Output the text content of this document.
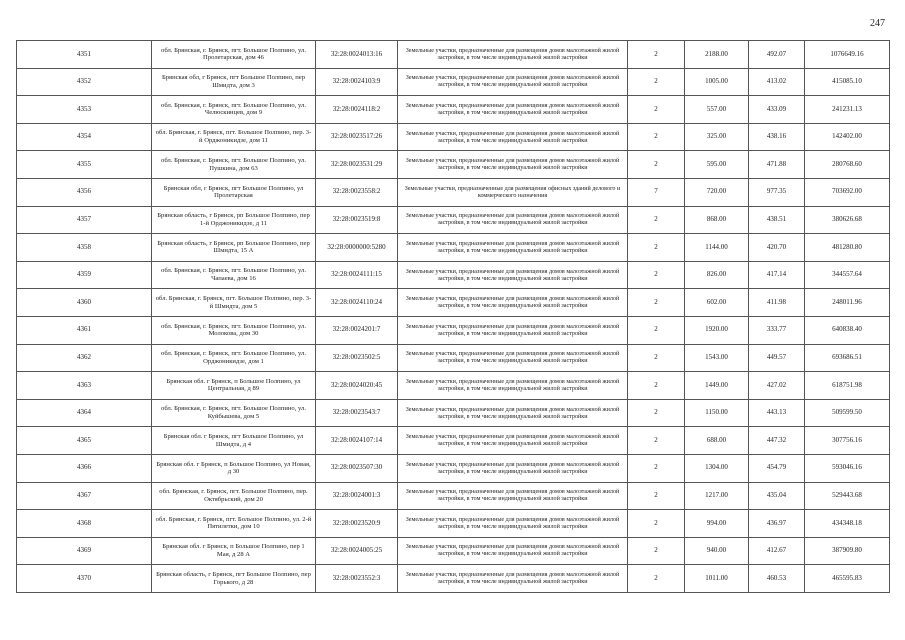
247
4351	обл. Брянская, г. Брянск, пгт. Большое Полпино, ул. Пролетарская, дом 46	32:28:0024013:16	Земельные участки, предназначенные для размещения домов малоэтажной жилой застройки, в том числе индивидуальной жилой застройки	2	2188.00	492.07	1076649.16
4352	Брянская обл, г Брянск, пгт Большое Полпино, пер Шмидта, дом 3	32:28:0024103:9	Земельные участки, предназначенные для размещения домов малоэтажной жилой застройки, в том числе индивидуальной жилой застройки	2	1005.00	413.02	415085.10
4353	обл. Брянская, г. Брянск, пгт. Большое Полпино, ул. Челюскинцев, дом 9	32:28:0024118:2	Земельные участки, предназначенные для размещения домов малоэтажной жилой застройки, в том числе индивидуальной жилой застройки	2	557.00	433.09	241231.13
4354	обл. Брянская, г. Брянск, пгт. Большое Полпино, пер. 3-й Орджоникидзе, дом 11	32:28:0023517:26	Земельные участки, предназначенные для размещения домов малоэтажной жилой застройки, в том числе индивидуальной жилой застройки	2	325.00	438.16	142402.00
4355	обл. Брянская, г. Брянск, пгт. Большое Полпино, ул. Пушкина, дом 63	32:28:0023531:29	Земельные участки, предназначенные для размещения домов малоэтажной жилой застройки, в том числе индивидуальной жилой застройки	2	595.00	471.88	280768.60
4356	Брянская обл, г Брянск, пгт Большое Полпино, ул Пролетарская	32:28:0023558:2	Земельные участки, предназначенные для размещения офисных зданий делового и коммерческого назначения	7	720.00	977.35	703692.00
4357	Брянская область, г Брянск, рп Большое Полпино, пер 1-й Орджоникидзе, д 11	32:28:0023519:8	Земельные участки, предназначенные для размещения домов малоэтажной жилой застройки, в том числе индивидуальной жилой застройки	2	868.00	438.51	380626.68
4358	Брянская область, г Брянск, рп Большое Полпино, пер Шмидта, 15 А	32:28:0000000:5280	Земельные участки, предназначенные для размещения домов малоэтажной жилой застройки, в том числе индивидуальной жилой застройки	2	1144.00	420.70	481280.80
4359	обл. Брянская, г. Брянск, пгт. Большое Полпино, ул. Чапаева, дом 16	32:28:0024111:15	Земельные участки, предназначенные для размещения домов малоэтажной жилой застройки, в том числе индивидуальной жилой застройки	2	826.00	417.14	344557.64
4360	обл. Брянская, г. Брянск, пгт. Большое Полпино, пер. 3-й Шмидта, дом 5	32:28:0024110:24	Земельные участки, предназначенные для размещения домов малоэтажной жилой застройки, в том числе индивидуальной жилой застройки	2	602.00	411.98	248011.96
4361	обл. Брянская, г. Брянск, пгт. Большое Полпино, ул. Молокова, дом 30	32:28:0024201:7	Земельные участки, предназначенные для размещения домов малоэтажной жилой застройки, в том числе индивидуальной жилой застройки	2	1920.00	333.77	640838.40
4362	обл. Брянская, г. Брянск, пгт. Большое Полпино, ул. Орджоникидзе, дом 1	32:28:0023502:5	Земельные участки, предназначенные для размещения домов малоэтажной жилой застройки, в том числе индивидуальной жилой застройки	2	1543.00	449.57	693686.51
4363	Брянская обл. г Брянск, п Большое Полпино, ул Центральная, д 89	32:28:0024020:45	Земельные участки, предназначенные для размещения домов малоэтажной жилой застройки, в том числе индивидуальной жилой застройки	2	1449.00	427.02	618751.98
4364	обл. Брянская, г. Брянск, пгт. Большое Полпино, ул. Куйбышева, дом 5	32:28:0023543:7	Земельные участки, предназначенные для размещения домов малоэтажной жилой застройки, в том числе индивидуальной жилой застройки	2	1150.00	443.13	509599.50
4365	Брянская обл. г Брянск, пгт Большое Полпино, ул Шмидта, д 4	32:28:0024107:14	Земельные участки, предназначенные для размещения домов малоэтажной жилой застройки, в том числе индивидуальной жилой застройки	2	688.00	447.32	307756.16
4366	Брянская обл. г Брянск, п Большое Полпино, ул Новая, д 30	32:28:0023507:30	Земельные участки, предназначенные для размещения домов малоэтажной жилой застройки, в том числе индивидуальной жилой застройки	2	1304.00	454.79	593046.16
4367	обл. Брянская, г. Брянск, пгт. Большое Полпино, пер. Октябрьский, дом 20	32:28:0024001:3	Земельные участки, предназначенные для размещения домов малоэтажной жилой застройки, в том числе индивидуальной жилой застройки	2	1217.00	435.04	529443.68
4368	обл. Брянская, г. Брянск, пгт. Большое Полпино, ул. 2-й Пятилетки, дом 10	32:28:0023520:9	Земельные участки, предназначенные для размещения домов малоэтажной жилой застройки, в том числе индивидуальной жилой застройки	2	994.00	436.97	434348.18
4369	Брянская обл. г Брянск, п Большое Полпино, пер 1 Мая, д 28 А	32:28:0024005:25	Земельные участки, предназначенные для размещения домов малоэтажной жилой застройки, в том числе индивидуальной жилой застройки	2	940.00	412.67	387909.80
4370	Брянская область, г Брянск, пгт Большое Полпино, пер Горького, д 28	32:28:0023552:3	Земельные участки, предназначенные для размещения домов малоэтажной жилой застройки, в том числе индивидуальной жилой застройки	2	1011.00	460.53	465595.83
